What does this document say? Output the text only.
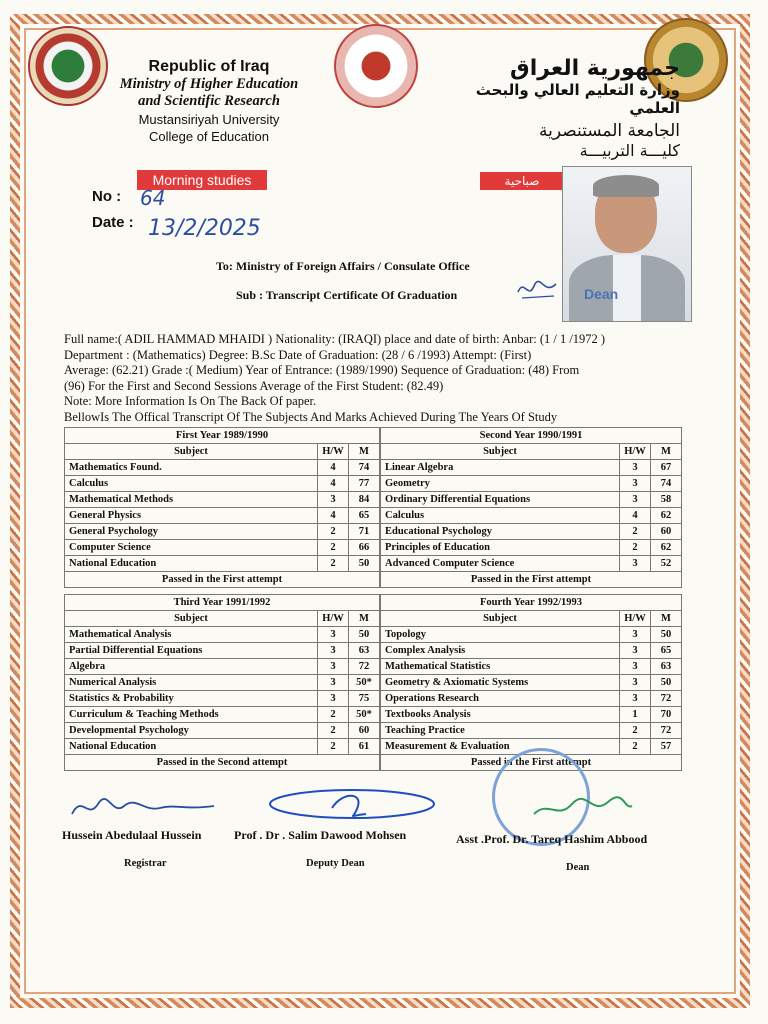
Republic of Iraq
Ministry of Higher Education
and Scientific Research
Mustansiriyah University
College of Education
جمهورية العراق
وزارة التعليم العالي والبحث العلمي
الجامعة المستنصرية
كليـــة التربيـــة
Morning studies	صباحية
Dean
No : 64
Date : 13/2/2025
To: Ministry of Foreign Affairs / Consulate Office
Sub : Transcript Certificate Of Graduation
Full name:( ADIL HAMMAD MHAIDI ) Nationality: (IRAQI) place and date of birth: Anbar: (1 / 1 /1972 )
Department : (Mathematics) Degree: B.Sc Date of Graduation: (28 / 6 /1993) Attempt: (First)
Average: (62.21) Grade :( Medium) Year of Entrance: (1989/1990) Sequence of Graduation: (48) From
(96) For the First and Second Sessions Average of the First Student: (82.49)
Note: More Information Is On The Back Of paper.
BellowIs The Offical Transcript Of The Subjects And Marks Achieved During The Years Of Study
First Year 1989/1990		
Subject	H/W	M
Mathematics Found.	4	74
Calculus	4	77
Mathematical Methods	3	84
General Physics	4	65
General Psychology	2	71
Computer Science	2	66
National Education	2	50
Passed in the First attempt		
Second Year 1990/1991		
Subject	H/W	M
Linear Algebra	3	67
Geometry	3	74
Ordinary Differential Equations	3	58
Calculus	4	62
Educational Psychology	2	60
Principles of Education	2	62
Advanced Computer Science	3	52
Passed in the First attempt		
Third Year 1991/1992		
Subject	H/W	M
Mathematical Analysis	3	50
Partial Differential Equations	3	63
Algebra	3	72
Numerical Analysis	3	50*
Statistics & Probability	3	75
Curriculum & Teaching Methods	2	50*
Developmental Psychology	2	60
National Education	2	61
Passed in the Second attempt		
Fourth Year 1992/1993		
Subject	H/W	M
Topology	3	50
Complex Analysis	3	65
Mathematical Statistics	3	63
Geometry & Axiomatic Systems	3	50
Operations Research	3	72
Textbooks Analysis	1	70
Teaching Practice	2	72
Measurement & Evaluation	2	57
Passed in the First attempt		
Hussein Abedulaal Hussein	Prof . Dr . Salim Dawood Mohsen	Asst .Prof. Dr. Tareq Hashim Abbood
Registrar	Deputy Dean	Dean
